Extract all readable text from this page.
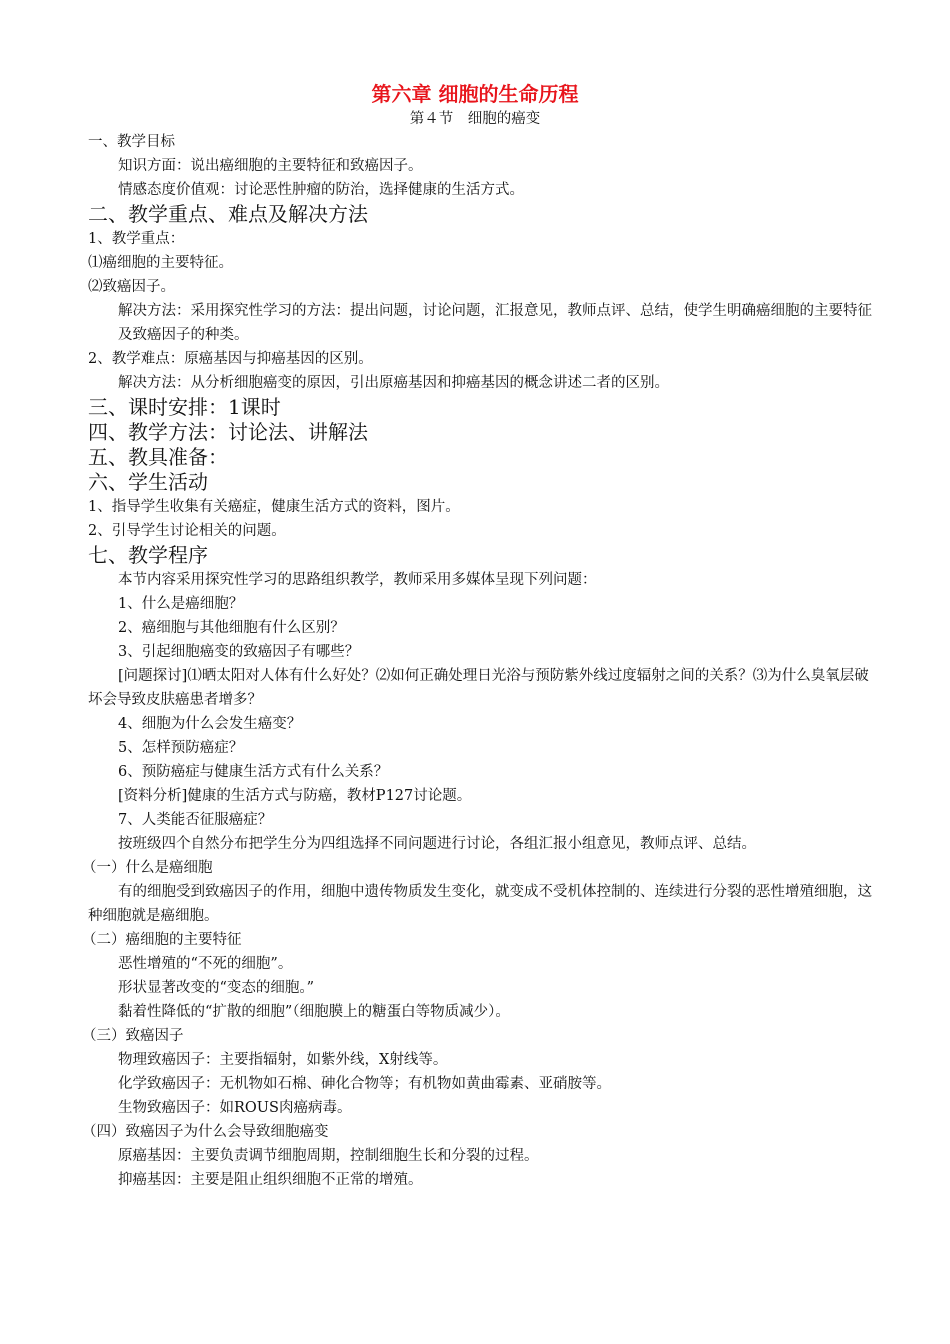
第六章 细胞的生命历程
第４节　细胞的癌变
一、教学目标
知识方面：说出癌细胞的主要特征和致癌因子。
情感态度价值观：讨论恶性肿瘤的防治，选择健康的生活方式。
二、教学重点、难点及解决方法
1、教学重点：
⑴癌细胞的主要特征。
⑵致癌因子。
解决方法：采用探究性学习的方法：提出问题，讨论问题，汇报意见，教师点评、总结，使学生明确癌细胞的主要特征及致癌因子的种类。
2、教学难点：原癌基因与抑癌基因的区别。
解决方法：从分析细胞癌变的原因，引出原癌基因和抑癌基因的概念讲述二者的区别。
三、课时安排：1课时
四、教学方法：讨论法、讲解法
五、教具准备：
六、学生活动
1、指导学生收集有关癌症，健康生活方式的资料，图片。
2、引导学生讨论相关的问题。
七、教学程序
本节内容采用探究性学习的思路组织教学，教师采用多媒体呈现下列问题：
1、什么是癌细胞？
2、癌细胞与其他细胞有什么区别？
3、引起细胞癌变的致癌因子有哪些？
[问题探讨]⑴晒太阳对人体有什么好处？⑵如何正确处理日光浴与预防紫外线过度辐射之间的关系？⑶为什么臭氧层破坏会导致皮肤癌患者增多？
4、细胞为什么会发生癌变？
5、怎样预防癌症？
6、预防癌症与健康生活方式有什么关系？
[资料分析]健康的生活方式与防癌，教材P127讨论题。
7、人类能否征服癌症？
按班级四个自然分布把学生分为四组选择不同问题进行讨论，各组汇报小组意见，教师点评、总结。
（一）什么是癌细胞
有的细胞受到致癌因子的作用，细胞中遗传物质发生变化，就变成不受机体控制的、连续进行分裂的恶性增殖细胞，这种细胞就是癌细胞。
（二）癌细胞的主要特征
恶性增殖的“不死的细胞”。
形状显著改变的“变态的细胞。”
黏着性降低的“扩散的细胞”（细胞膜上的糖蛋白等物质减少）。
（三）致癌因子
物理致癌因子：主要指辐射，如紫外线，X射线等。
化学致癌因子：无机物如石棉、砷化合物等；有机物如黄曲霉素、亚硝胺等。
生物致癌因子：如ROUS肉癌病毒。
（四）致癌因子为什么会导致细胞癌变
原癌基因：主要负责调节细胞周期，控制细胞生长和分裂的过程。
抑癌基因：主要是阻止组织细胞不正常的增殖。
